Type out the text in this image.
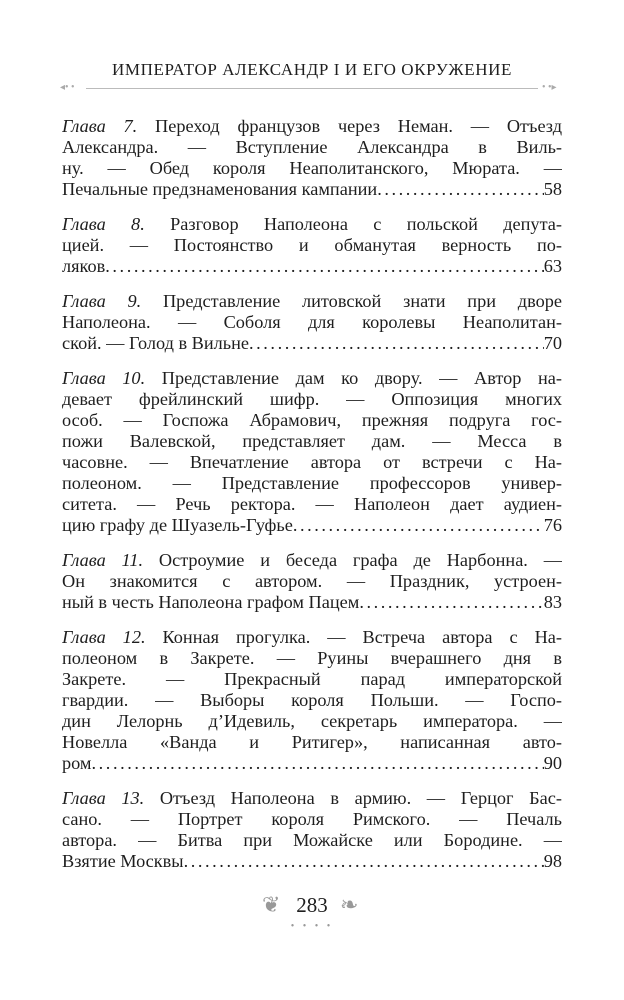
ИМПЕРАТОР АЛЕКСАНДР I И ЕГО ОКРУЖЕНИЕ
◂• •	• •▸
Глава 7. Переход французов через Неман. — Отъезд
Александра. — Вступление Александра в Виль-
ну. — Обед короля Неаполитанского, Мюрата. —
Печальные предзнаменования кампании . . .	58
Глава 8. Разговор Наполеона с польской депута-
цией. — Постоянство и обманутая верность по-
ляков . . .	63
Глава 9. Представление литовской знати при дворе
Наполеона. — Соболя для королевы Неаполитан-
ской. — Голод в Вильне . . .	70
Глава 10. Представление дам ко двору. — Автор на-
девает фрейлинский шифр. — Оппозиция многих
особ. — Госпожа Абрамович, прежняя подруга гос-
пожи Валевской, представляет дам. — Месса в
часовне. — Впечатление автора от встречи с На-
полеоном. — Представление профессоров универ-
ситета. — Речь ректора. — Наполеон дает аудиен-
цию графу де Шуазель-Гуфье . . .	76
Глава 11. Остроумие и беседа графа де Нарбонна. —
Он знакомится с автором. — Праздник, устроен-
ный в честь Наполеона графом Пацем . . .	83
Глава 12. Конная прогулка. — Встреча автора с На-
полеоном в Закрете. — Руины вчерашнего дня в
Закрете. — Прекрасный парад императорской
гвардии. — Выборы короля Польши. — Госпо-
дин Лелорнь д’Идевиль, секретарь императора. —
Новелла «Ванда и Ритигер», написанная авто-
ром . . .	90
Глава 13. Отъезд Наполеона в армию. — Герцог Бас-
сано. — Портрет короля Римского. — Печаль
автора. — Битва при Можайске или Бородине. —
Взятие Москвы . . .	98
❦ 283 ❧
• • • •
